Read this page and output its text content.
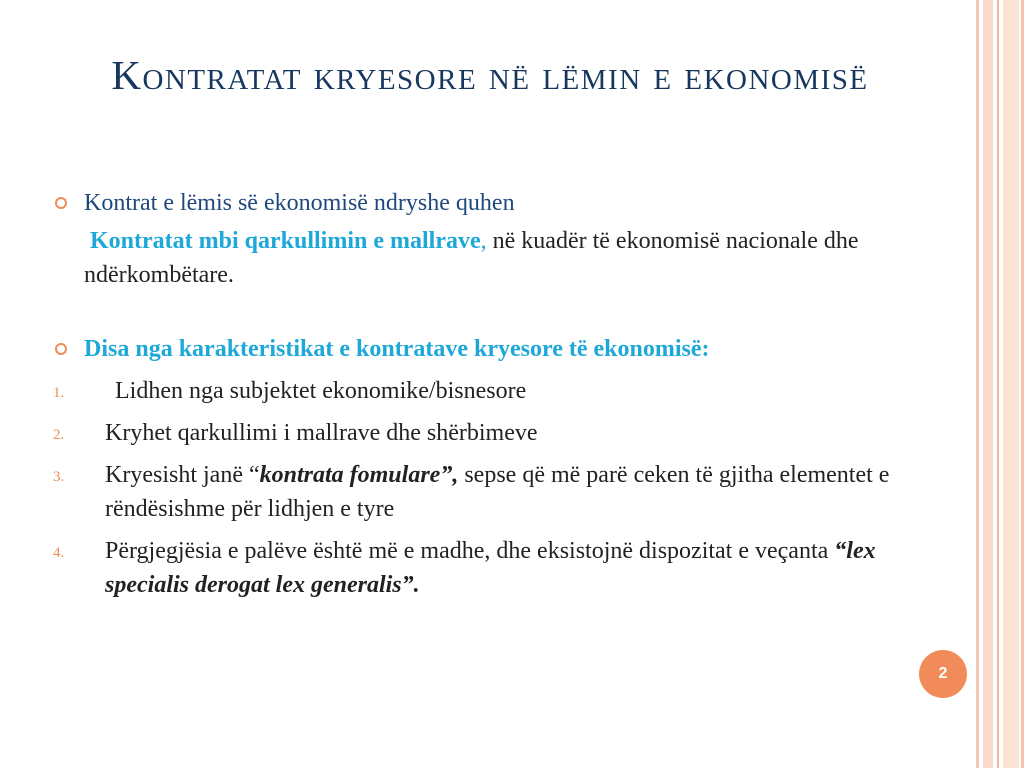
Kontratat kryesore në lëmin e ekonomisë
Kontrat e lëmis së ekonomisë ndryshe quhen
Kontratat mbi qarkullimin e mallrave, në kuadër të ekonomisë nacionale dhe ndërkombëtare.
Disa nga karakteristikat e kontratave kryesore të ekonomisë:
1. Lidhen nga subjektet ekonomike/bisnesore
2. Kryhet qarkullimi i mallrave dhe shërbimeve
3. Kryesisht janë “kontrata fomulare”, sepse që më parë ceken të gjitha elementet e rëndësishme për lidhjen e tyre
4. Përgjegjësia e palëve është më e madhe, dhe eksistojnë dispozitat e veçanta “lex specialis derogat lex generalis”.
2
